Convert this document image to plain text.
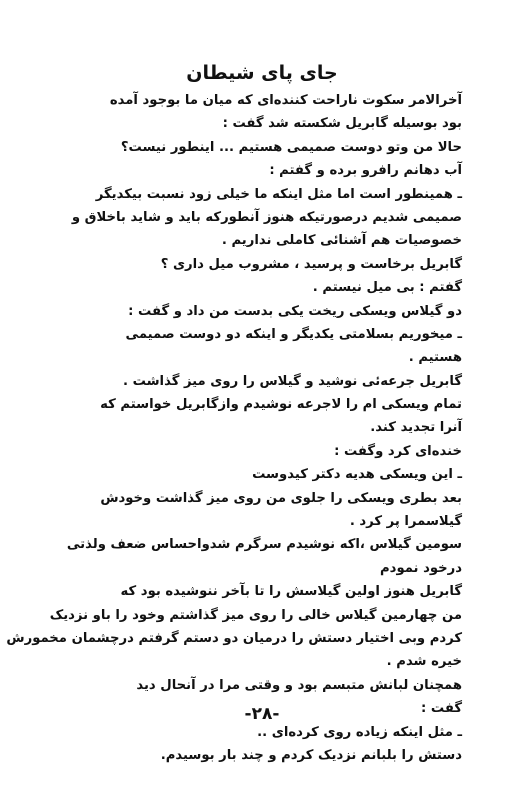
جای پای شیطان
آخرالامر سکوت ناراحت کننده‌ای که میان ما بوجود آمده
بود بوسیله گابریل شکسته شد گفت :
حالا من وتو دوست صمیمی هستیم ... اینطور نیست؟
آب دهانم رافرو برده و گفتم :
ـ همینطور است اما مثل اینکه ما خیلی زود نسبت بیکدیگر
صمیمی شدیم درصورتیکه هنوز آنطورکه باید و شاید باخلاق و
خصوصیات هم آشنائی کاملی نداریم .
گابریل برخاست و پرسید ، مشروب میل داری ؟
گفتم : بی میل نیستم .
دو گیلاس ویسکی ریخت یکی بدست من داد و گفت :
ـ میخوریم بسلامتی یکدیگر و اینکه دو دوست صمیمی
هستیم .
گابریل جرعه‌ئی نوشید و گیلاس را روی میز گذاشت .
تمام ویسکی ام را لاجرعه نوشیدم وازگابریل خواستم که
آنرا تجدید کند.
خنده‌ای کرد وگفت :
ـ این ویسکی هدیه دکتر کیدوست
بعد بطری ویسکی را جلوی من روی میز گذاشت وخودش
گیلاسمرا پر کرد .
سومین گیلاس ،اکه نوشیدم سرگرم شدواحساس ضعف ولذتی
درخود نمودم
گابریل هنوز اولین گیلاسش را تا بآخر ننوشیده بود که
من چهارمین گیلاس خالی را روی میز گذاشتم وخود را باو نزدیک
کردم وبی اختیار دستش را درمیان دو دستم گرفتم درچشمان مخمورش
خیره شدم .
همچنان لبانش متبسم بود و وقتی مرا در آنحال دید
گفت :
ـ مثل اینکه زیاده روی کرده‌ای ..
دستش را بلبانم نزدیک کردم و چند بار بوسیدم.
-٢٨-
